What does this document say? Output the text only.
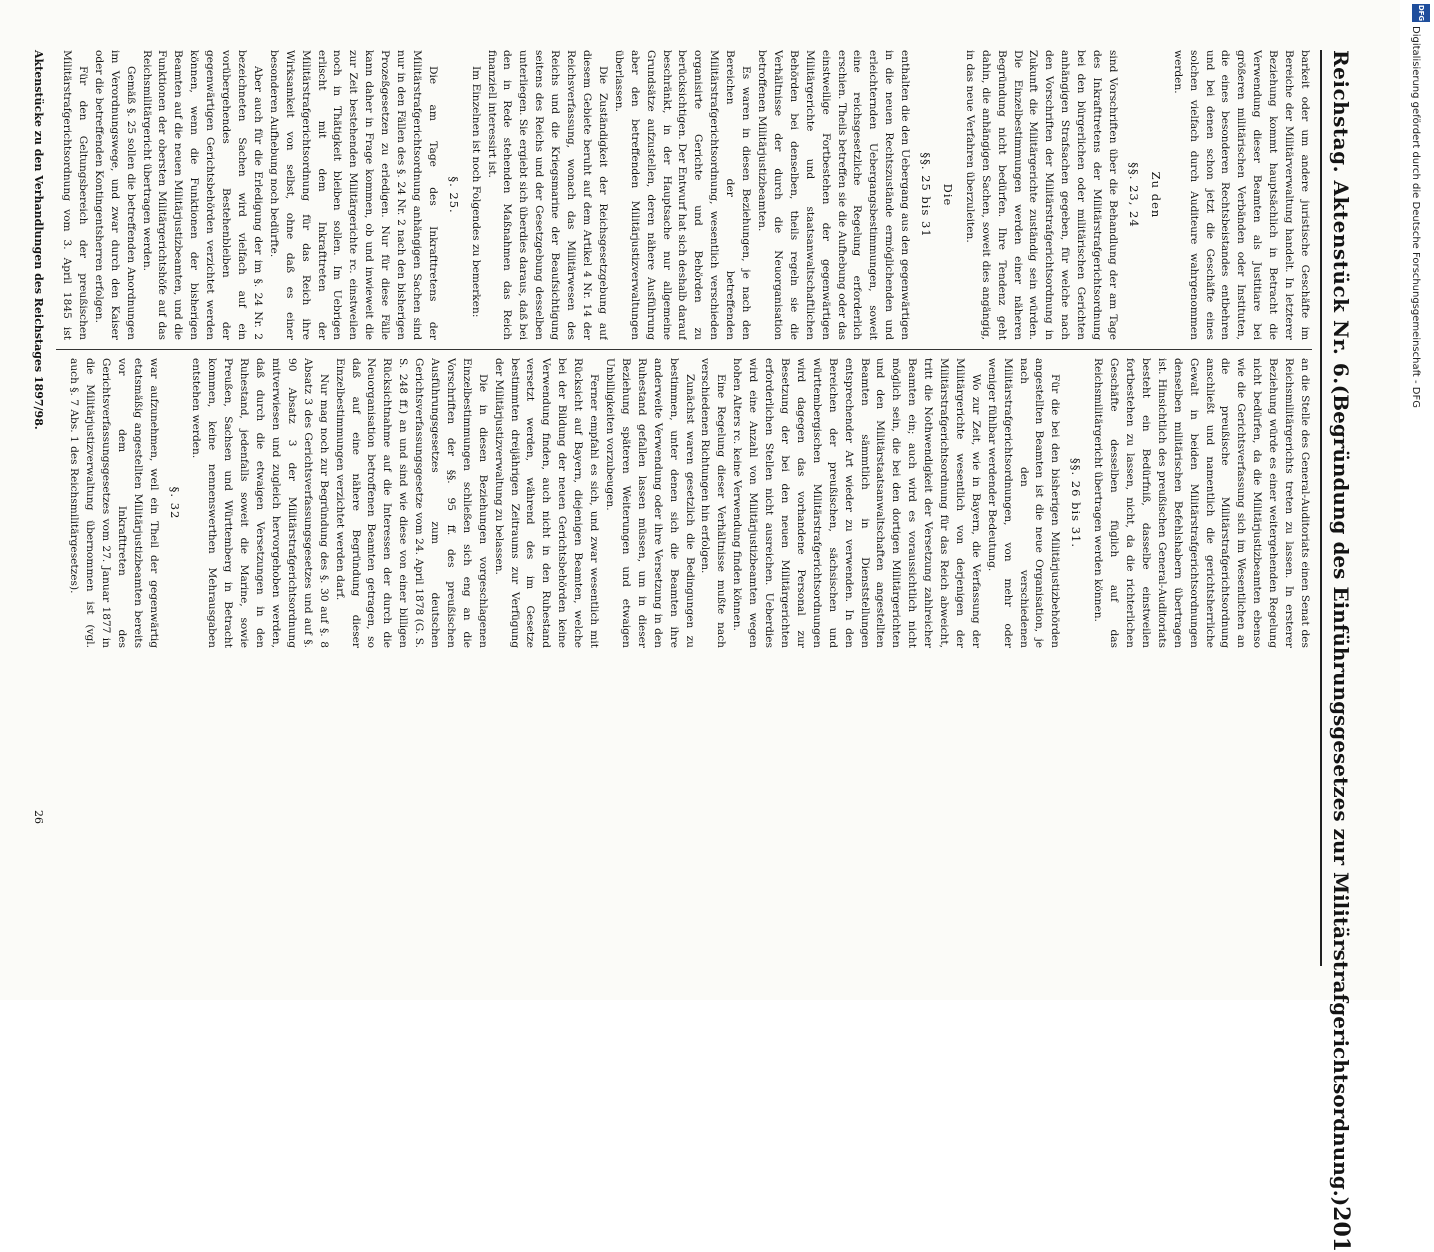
Reichstag. Aktenstück Nr. 6.
(Begründung des Einführungsgesetzes zur Militärstrafgerichtsordnung.)
201

barkeit oder um andere juristische Geschäfte im Bereiche der Militärverwaltung handelt. In letzterer Beziehung kommt hauptsächlich in Betracht die Verwendung dieser Beamten als Justitiare bei größeren militärischen Verbänden oder Instituten, die eines besonderen Rechtsbeistandes entbehren und bei denen schon jetzt die Geschäfte eines solchen vielfach durch Auditeure wahrgenommen werden.

Zu den
§§. 23, 24

sind Vorschriften über die Behandlung der am Tage des Inkrafttretens der Militärstrafgerichtsordnung bei den bürgerlichen oder militärischen Gerichten anhängigen Strafsachen gegeben, für welche nach den Vorschriften der Militärstrafgerichtsordnung in Zukunft die Militärgerichte zuständig sein würden. Die Einzelbestimmungen werden einer näheren Begründung nicht bedürfen. Ihre Tendenz geht dahin, die anhängigen Sachen, soweit dies angängig, in das neue Verfahren überzuleiten.

Die
§§. 25 bis 31

enthalten die den Uebergang aus den gegenwärtigen in die neuen Rechtszustände ermöglichenden und erleichternden Uebergangsbestimmungen, soweit eine reichsgesetzliche Regelung erforderlich erschien. Theils betreffen sie die Aufhebung oder das einstweilige Fortbestehen der gegenwärtigen Militärgerichte und staatsanwaltschaftlichen Behörden bei denselben, theils regeln sie die Verhältnisse der durch die Neuorganisation betroffenen Militärjustizbeamten.

Es waren in diesen Beziehungen, je nach den Bereichen der betreffenden Militärstrafgerichtsordnung, wesentlich verschieden organisirte Gerichte und Behörden zu berücksichtigen. Der Entwurf hat sich deshalb darauf beschränkt, in der Hauptsache nur allgemeine Grundsätze aufzustellen, deren nähere Ausführung aber den betreffenden Militärjustizverwaltungen überlassen.

Die Zuständigkeit der Reichsgesetzgebung auf diesem Gebiete beruht auf dem Artikel 4 Nr. 14 der Reichsverfassung, wonach das Militärwesen des Reichs und die Kriegsmarine der Beaufsichtigung seitens des Reichs und der Gesetzgebung desselben unterliegen. Sie ergiebt sich überdies daraus, daß bei den in Rede stehenden Maßnahmen das Reich finanziell interessirt ist.

Im Einzelnen ist noch Folgendes zu bemerken:

§. 25.

Die am Tage des Inkrafttretens der Militärstrafgerichtsordnung anhängigen Sachen sind nur in den Fällen des §. 24 Nr. 2 nach den bisherigen Prozeßgesetzen zu erledigen. Nur für diese Fälle kann daher in Frage kommen, ob und inwieweit die zur Zeit bestehenden Militärgerichte rc. einstweilen noch in Thätigkeit bleiben sollen. Im Uebrigen erlischt mit dem Inkrafttreten der Militärstrafgerichtsordnung für das Reich ihre Wirksamkeit von selbst, ohne daß es einer besonderen Aufhebung noch bedürfte.

Aber auch für die Erledigung der im §. 24 Nr. 2 bezeichneten Sachen wird vielfach auf ein vorübergehendes Bestehenbleiben der gegenwärtigen Gerichtsbehörden verzichtet werden können, wenn die Funktionen der bisherigen Beamten auf die neuen Militärjustizbeamten, und die Funktionen der obersten Militärgerichtshöfe auf das Reichsmilitärgericht übertragen werden.

Gemäß §. 25 sollen die betreffenden Anordnungen im Verordnungswege, und zwar durch den Kaiser oder die betreffenden Kontingentsherren erfolgen.

Für den Geltungsbereich der preußischen Militärstrafgerichtsordnung vom 3. April 1845 ist

an die Stelle des General-Auditoriats einen Senat des Reichsmilitärgerichts treten zu lassen. In ersterer Beziehung würde es einer weitergehenden Regelung nicht bedürfen, da die Militärjustizbeamten ebenso wie die Gerichtsverfassung sich im Wesentlichen an die preußische Militärstrafgerichtsordnung anschließt und namentlich die gerichtsherrliche Gewalt in beiden Militärstrafgerichtsordnungen denselben militärischen Befehlshabern übertragen ist. Hinsichtlich des preußischen General-Auditoriats besteht ein Bedürfniß, dasselbe einstweilen fortbestehen zu lassen, nicht, da die richterlichen Geschäfte desselben füglich auf das Reichsmilitärgericht übertragen werden können.

§§. 26 bis 31.

Für die bei den bisherigen Militärjustizbehörden angestellten Beamten ist die neue Organisation, je nach den verschiedenen Militärstrafgerichtsordnungen, von mehr oder weniger fühlbar werdender Bedeutung.

Wo zur Zeit, wie in Bayern, die Verfassung der Militärgerichte wesentlich von derjenigen der Militärstrafgerichtsordnung für das Reich abweicht, tritt die Nothwendigkeit der Versetzung zahlreicher Beamten ein; auch wird es voraussichtlich nicht möglich sein, die bei den dortigen Militärgerichten und den Militärstaatsanwaltschaften angestellten Beamten sämmtlich in Dienststellungen entsprechender Art wieder zu verwenden. In den Bereichen der preußischen, sächsischen und württembergischen Militärstrafgerichtsordnungen wird dagegen das vorhandene Personal zur Besetzung der bei den neuen Militärgerichten erforderlichen Stellen nicht ausreichen. Ueberdies wird eine Anzahl von Militärjustizbeamten wegen hohen Alters rc. keine Verwendung finden können.

Eine Regelung dieser Verhältnisse mußte nach verschiedenen Richtungen hin erfolgen.

Zunächst waren gesetzlich die Bedingungen zu bestimmen, unter denen sich die Beamten ihre anderweite Verwendung oder ihre Versetzung in den Ruhestand gefallen lassen müssen, um in dieser Beziehung späteren Weiterungen und etwaigen Unbilligkeiten vorzubeugen.

Ferner empfahl es sich, und zwar wesentlich mit Rücksicht auf Bayern, diejenigen Beamten, welche bei der Bildung der neuen Gerichtsbehörden keine Verwendung finden, auch nicht in den Ruhestand versetzt werden, während des im Gesetze bestimmten dreijährigen Zeitraums zur Verfügung der Militärjustizverwaltung zu belassen.

Die in diesen Beziehungen vorgeschlagenen Einzelbestimmungen schließen sich eng an die Vorschriften der §§. 95 ff. des preußischen Ausführungsgesetzes zum deutschen Gerichtsverfassungsgesetze vom 24. April 1878 (G. S. S. 248 ff.) an und sind wie diese von einer billigen Rücksichtnahme auf die Interessen der durch die Neuorganisation betroffenen Beamten getragen, so daß auf eine nähere Begründung dieser Einzelbestimmungen verzichtet werden darf.

Nur mag noch zur Begründung des §. 30 auf §. 8 Absatz 3 des Gerichtsverfassungsgesetzes und auf §. 90 Absatz 3 der Militärstrafgerichtsordnung mitverwiesen und zugleich hervorgehoben werden, daß durch die etwaigen Versetzungen in den Ruhestand, jedenfalls soweit die Marine, sowie Preußen, Sachsen und Württemberg in Betracht kommen, keine nennenswerthen Mehrausgaben entstehen werden.

§. 32

war aufzunehmen, weil ein Theil der gegenwärtig etatsmäßig angestellten Militärjustizbeamten bereits vor dem Inkrafttreten des Gerichtsverfassungsgesetzes vom 27. Januar 1877 in die Militärjustizverwaltung übernommen ist (vgl. auch §. 7 Abs. 1 des Reichsmilitärgesetzes).

Aktenstücke zu den Verhandlungen des Reichstages 1897/98.
26
DFG
Digitalisierung gefördert durch die Deutsche Forschungsgemeinschaft - DFG
